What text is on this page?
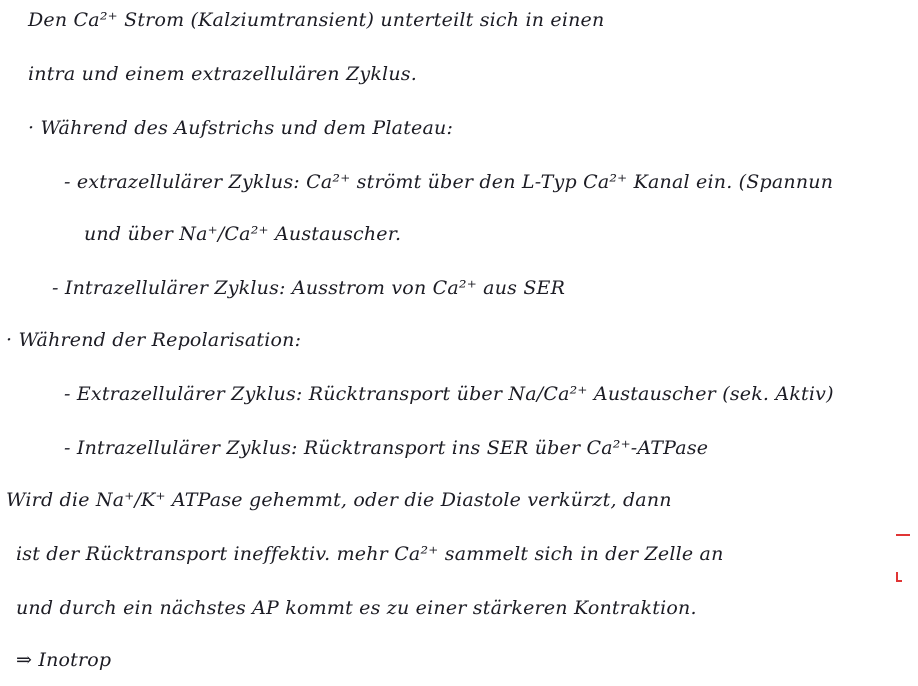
Den Ca²⁺ Strom (Kalziumtransient) unterteilt sich in einen
intra und einem extrazellulären Zyklus.
· Während des Aufstrichs und dem Plateau:
- extrazellulärer Zyklus: Ca²⁺ strömt über den L-Typ Ca²⁺ Kanal ein. (Spannun
und über Na⁺/Ca²⁺ Austauscher.
- Intrazellulärer Zyklus: Ausstrom von Ca²⁺ aus SER
· Während der Repolarisation:
- Extrazellulärer Zyklus: Rücktransport über Na/Ca²⁺ Austauscher (sek. Aktiv)
- Intrazellulärer Zyklus: Rücktransport ins SER über Ca²⁺-ATPase
Wird die Na⁺/K⁺ ATPase gehemmt, oder die Diastole verkürzt, dann
ist der Rücktransport ineffektiv. mehr Ca²⁺ sammelt sich in der Zelle an
und durch ein nächstes AP kommt es zu einer stärkeren Kontraktion.
⇒ Inotrop
